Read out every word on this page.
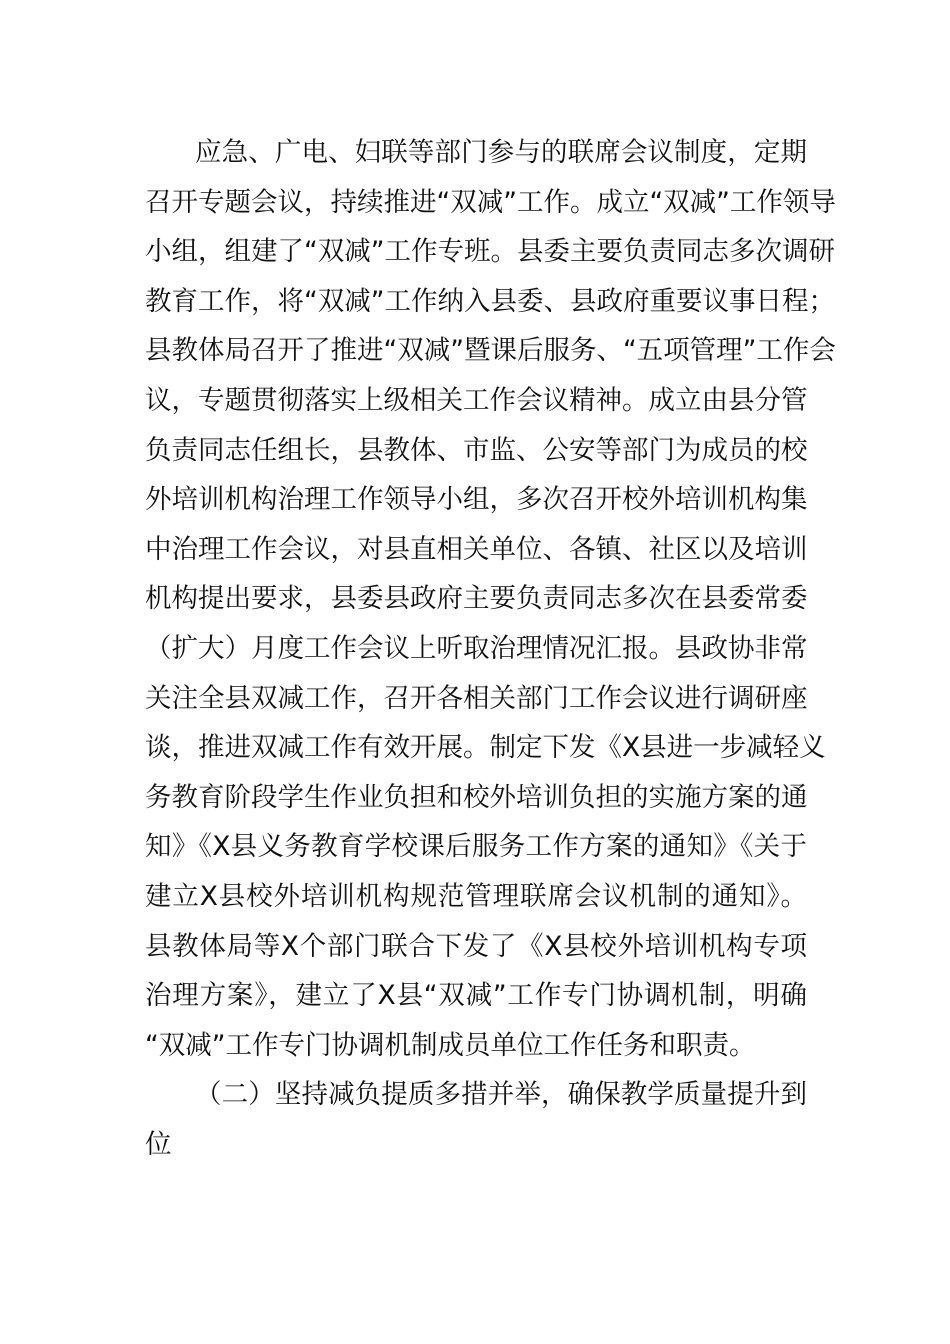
应急、广电、妇联等部门参与的联席会议制度，定期
召开专题会议，持续推进“双减”工作。成立“双减”工作领导
小组，组建了“双减”工作专班。县委主要负责同志多次调研
教育工作，将“双减”工作纳入县委、县政府重要议事日程；
县教体局召开了推进“双减”暨课后服务、“五项管理”工作会
议，专题贯彻落实上级相关工作会议精神。成立由县分管
负责同志任组长，县教体、市监、公安等部门为成员的校
外培训机构治理工作领导小组，多次召开校外培训机构集
中治理工作会议，对县直相关单位、各镇、社区以及培训
机构提出要求，县委县政府主要负责同志多次在县委常委
（扩大）月度工作会议上听取治理情况汇报。县政协非常
关注全县双减工作，召开各相关部门工作会议进行调研座
谈，推进双减工作有效开展。制定下发《X县进一步减轻义
务教育阶段学生作业负担和校外培训负担的实施方案的通
知》《X县义务教育学校课后服务工作方案的通知》《关于
建立X县校外培训机构规范管理联席会议机制的通知》。
县教体局等X个部门联合下发了《X县校外培训机构专项
治理方案》，建立了X县“双减”工作专门协调机制，明确
“双减”工作专门协调机制成员单位工作任务和职责。
（二）坚持减负提质多措并举，确保教学质量提升到
位
